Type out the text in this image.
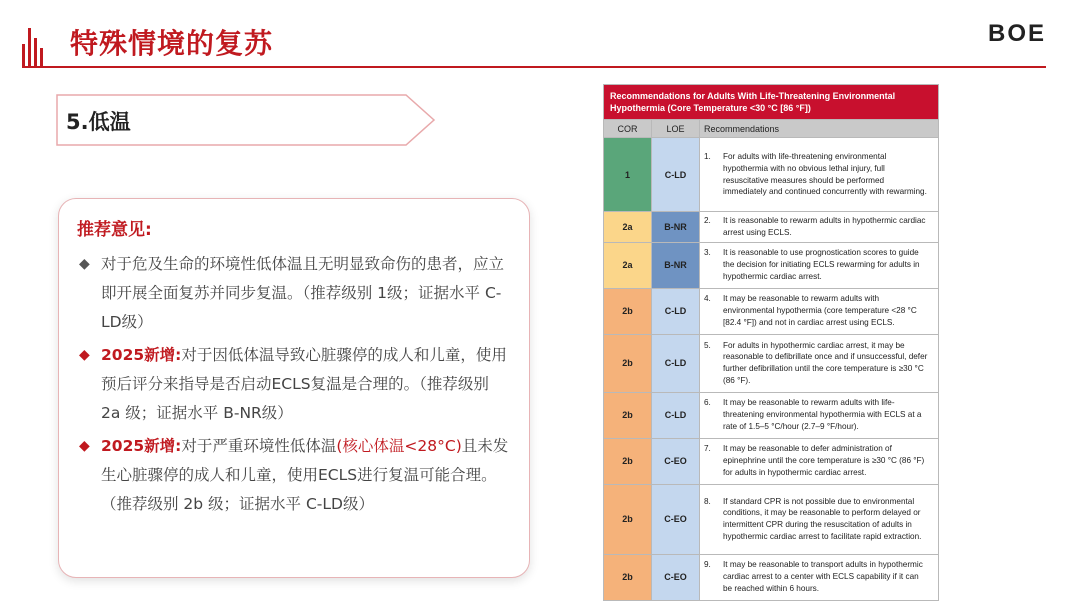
特殊情境的复苏	BOE
5.低温
推荐意见:
◆ 对于危及生命的环境性低体温且无明显致命伤的患者，应立即开展全面复苏并同步复温。（推荐级别 1级；证据水平 C-LD级）
◆ 2025新增:对于因低体温导致心脏骤停的成人和儿童，使用预后评分来指导是否启动ECLS复温是合理的。（推荐级别 2a 级；证据水平 B-NR级）
◆ 2025新增:对于严重环境性低体温(核心体温<28°C)且未发生心脏骤停的成人和儿童，使用ECLS进行复温可能合理。（推荐级别 2b 级；证据水平 C-LD级）
Recommendations for Adults With Life-Threatening Environmental Hypothermia (Core Temperature <30 °C [86 °F])		
COR	LOE	Recommendations
1	C-LD	1. For adults with life-threatening environmental hypothermia with no obvious lethal injury, full resuscitative measures should be performed immediately and continued concurrently with rewarming.
2a	B-NR	2. It is reasonable to rewarm adults in hypothermic cardiac arrest using ECLS.
2a	B-NR	3. It is reasonable to use prognostication scores to guide the decision for initiating ECLS rewarming for adults in hypothermic cardiac arrest.
2b	C-LD	4. It may be reasonable to rewarm adults with environmental hypothermia (core temperature <28 °C [82.4 °F]) and not in cardiac arrest using ECLS.
2b	C-LD	5. For adults in hypothermic cardiac arrest, it may be reasonable to defibrillate once and if unsuccessful, defer further defibrillation until the core temperature is ≥30 °C (86 °F).
2b	C-LD	6. It may be reasonable to rewarm adults with life-threatening environmental hypothermia with ECLS at a rate of 1.5–5 °C/hour (2.7–9 °F/hour).
2b	C-EO	7. It may be reasonable to defer administration of epinephrine until the core temperature is ≥30 °C (86 °F) for adults in hypothermic cardiac arrest.
2b	C-EO	8. If standard CPR is not possible due to environmental conditions, it may be reasonable to perform delayed or intermittent CPR during the resuscitation of adults in hypothermic cardiac arrest to facilitate rapid extraction.
2b	C-EO	9. It may be reasonable to transport adults in hypothermic cardiac arrest to a center with ECLS capability if it can be reached within 6 hours.
